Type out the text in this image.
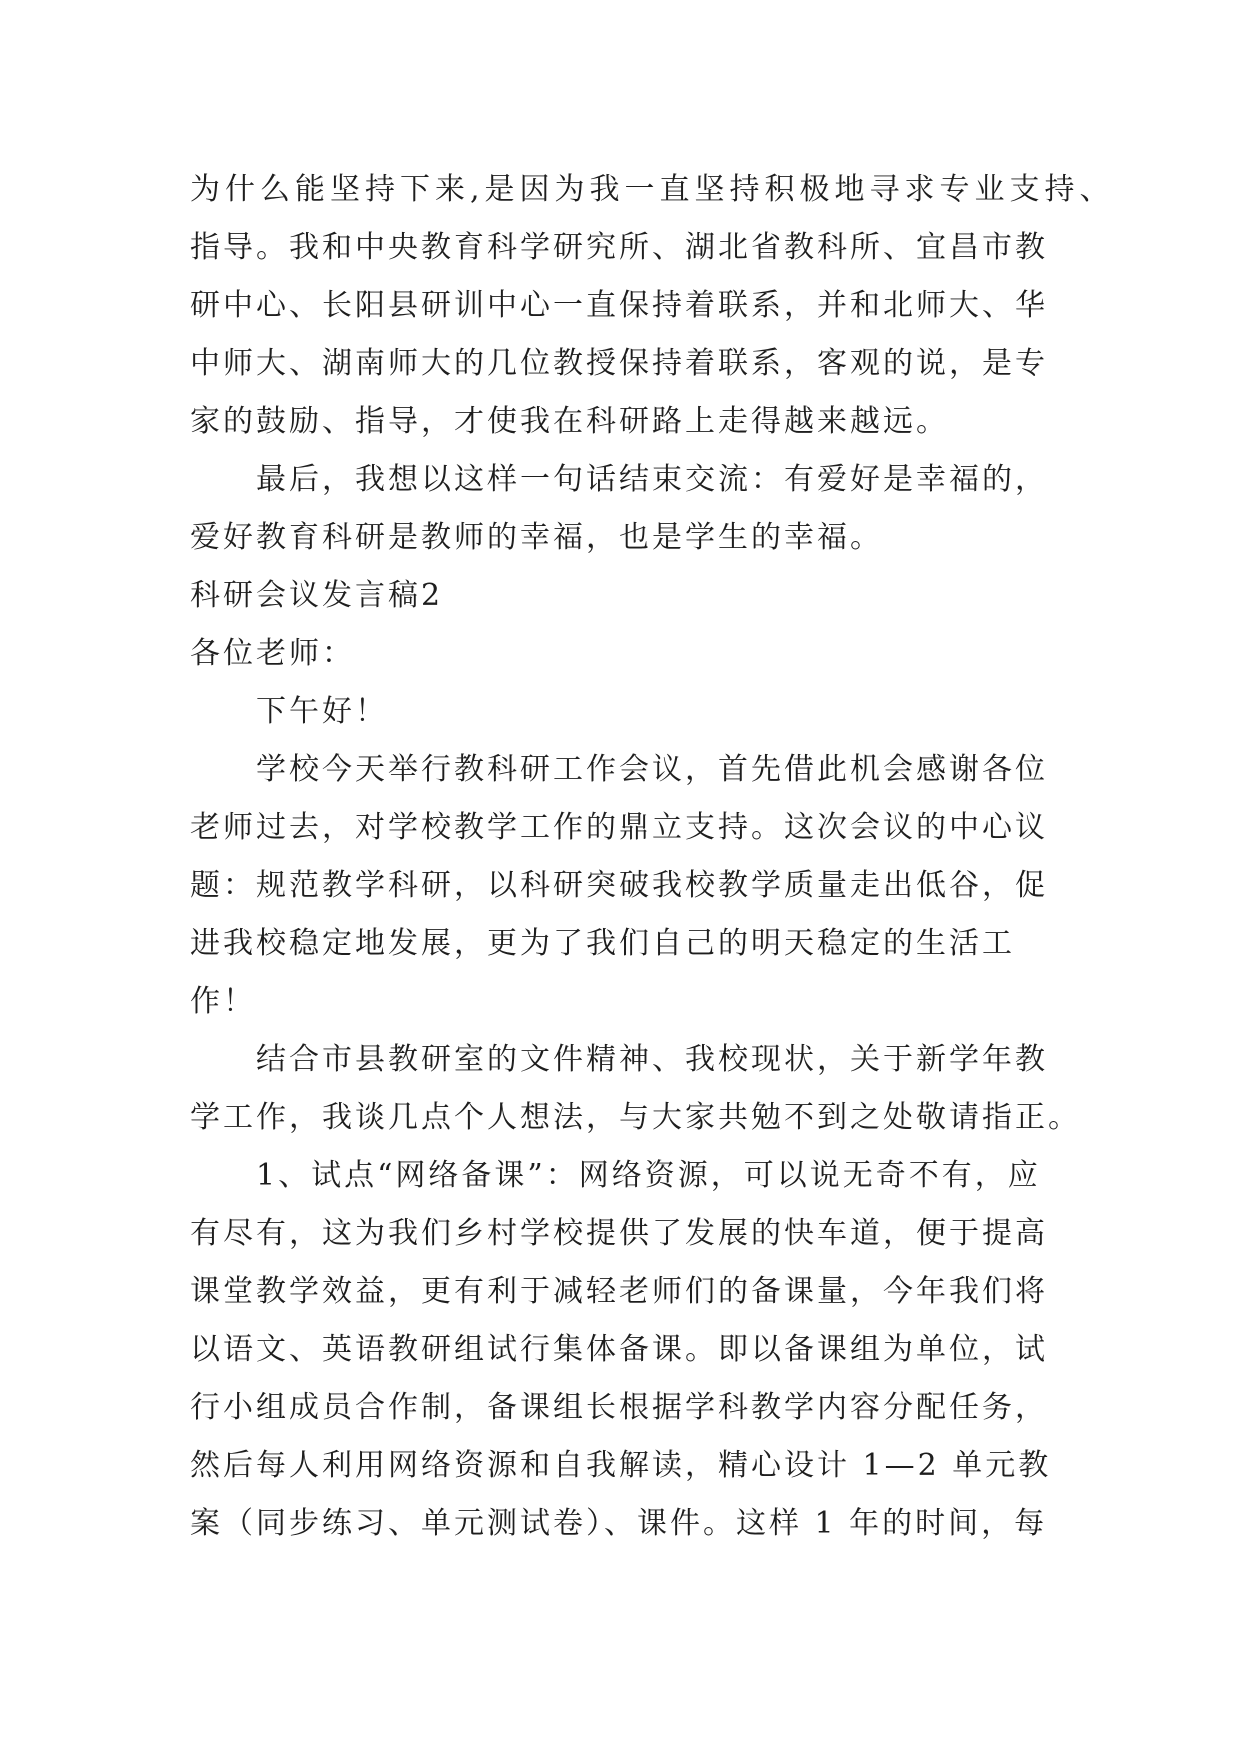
为什么能坚持下来,是因为我一直坚持积极地寻求专业支持、
指导。我和中央教育科学研究所、湖北省教科所、宜昌市教
研中心、长阳县研训中心一直保持着联系，并和北师大、华
中师大、湖南师大的几位教授保持着联系，客观的说，是专
家的鼓励、指导，才使我在科研路上走得越来越远。
最后，我想以这样一句话结束交流：有爱好是幸福的，
爱好教育科研是教师的幸福，也是学生的幸福。
科研会议发言稿2
各位老师：
下午好！
学校今天举行教科研工作会议，首先借此机会感谢各位
老师过去，对学校教学工作的鼎立支持。这次会议的中心议
题：规范教学科研，以科研突破我校教学质量走出低谷，促
进我校稳定地发展，更为了我们自己的明天稳定的生活工
作！
结合市县教研室的文件精神、我校现状，关于新学年教
学工作，我谈几点个人想法，与大家共勉不到之处敬请指正。
1、试点“网络备课”：网络资源，可以说无奇不有，应
有尽有，这为我们乡村学校提供了发展的快车道，便于提高
课堂教学效益，更有利于减轻老师们的备课量，今年我们将
以语文、英语教研组试行集体备课。即以备课组为单位，试
行小组成员合作制，备课组长根据学科教学内容分配任务，
然后每人利用网络资源和自我解读，精心设计 1—2 单元教
案（同步练习、单元测试卷）、课件。这样 1 年的时间，每
